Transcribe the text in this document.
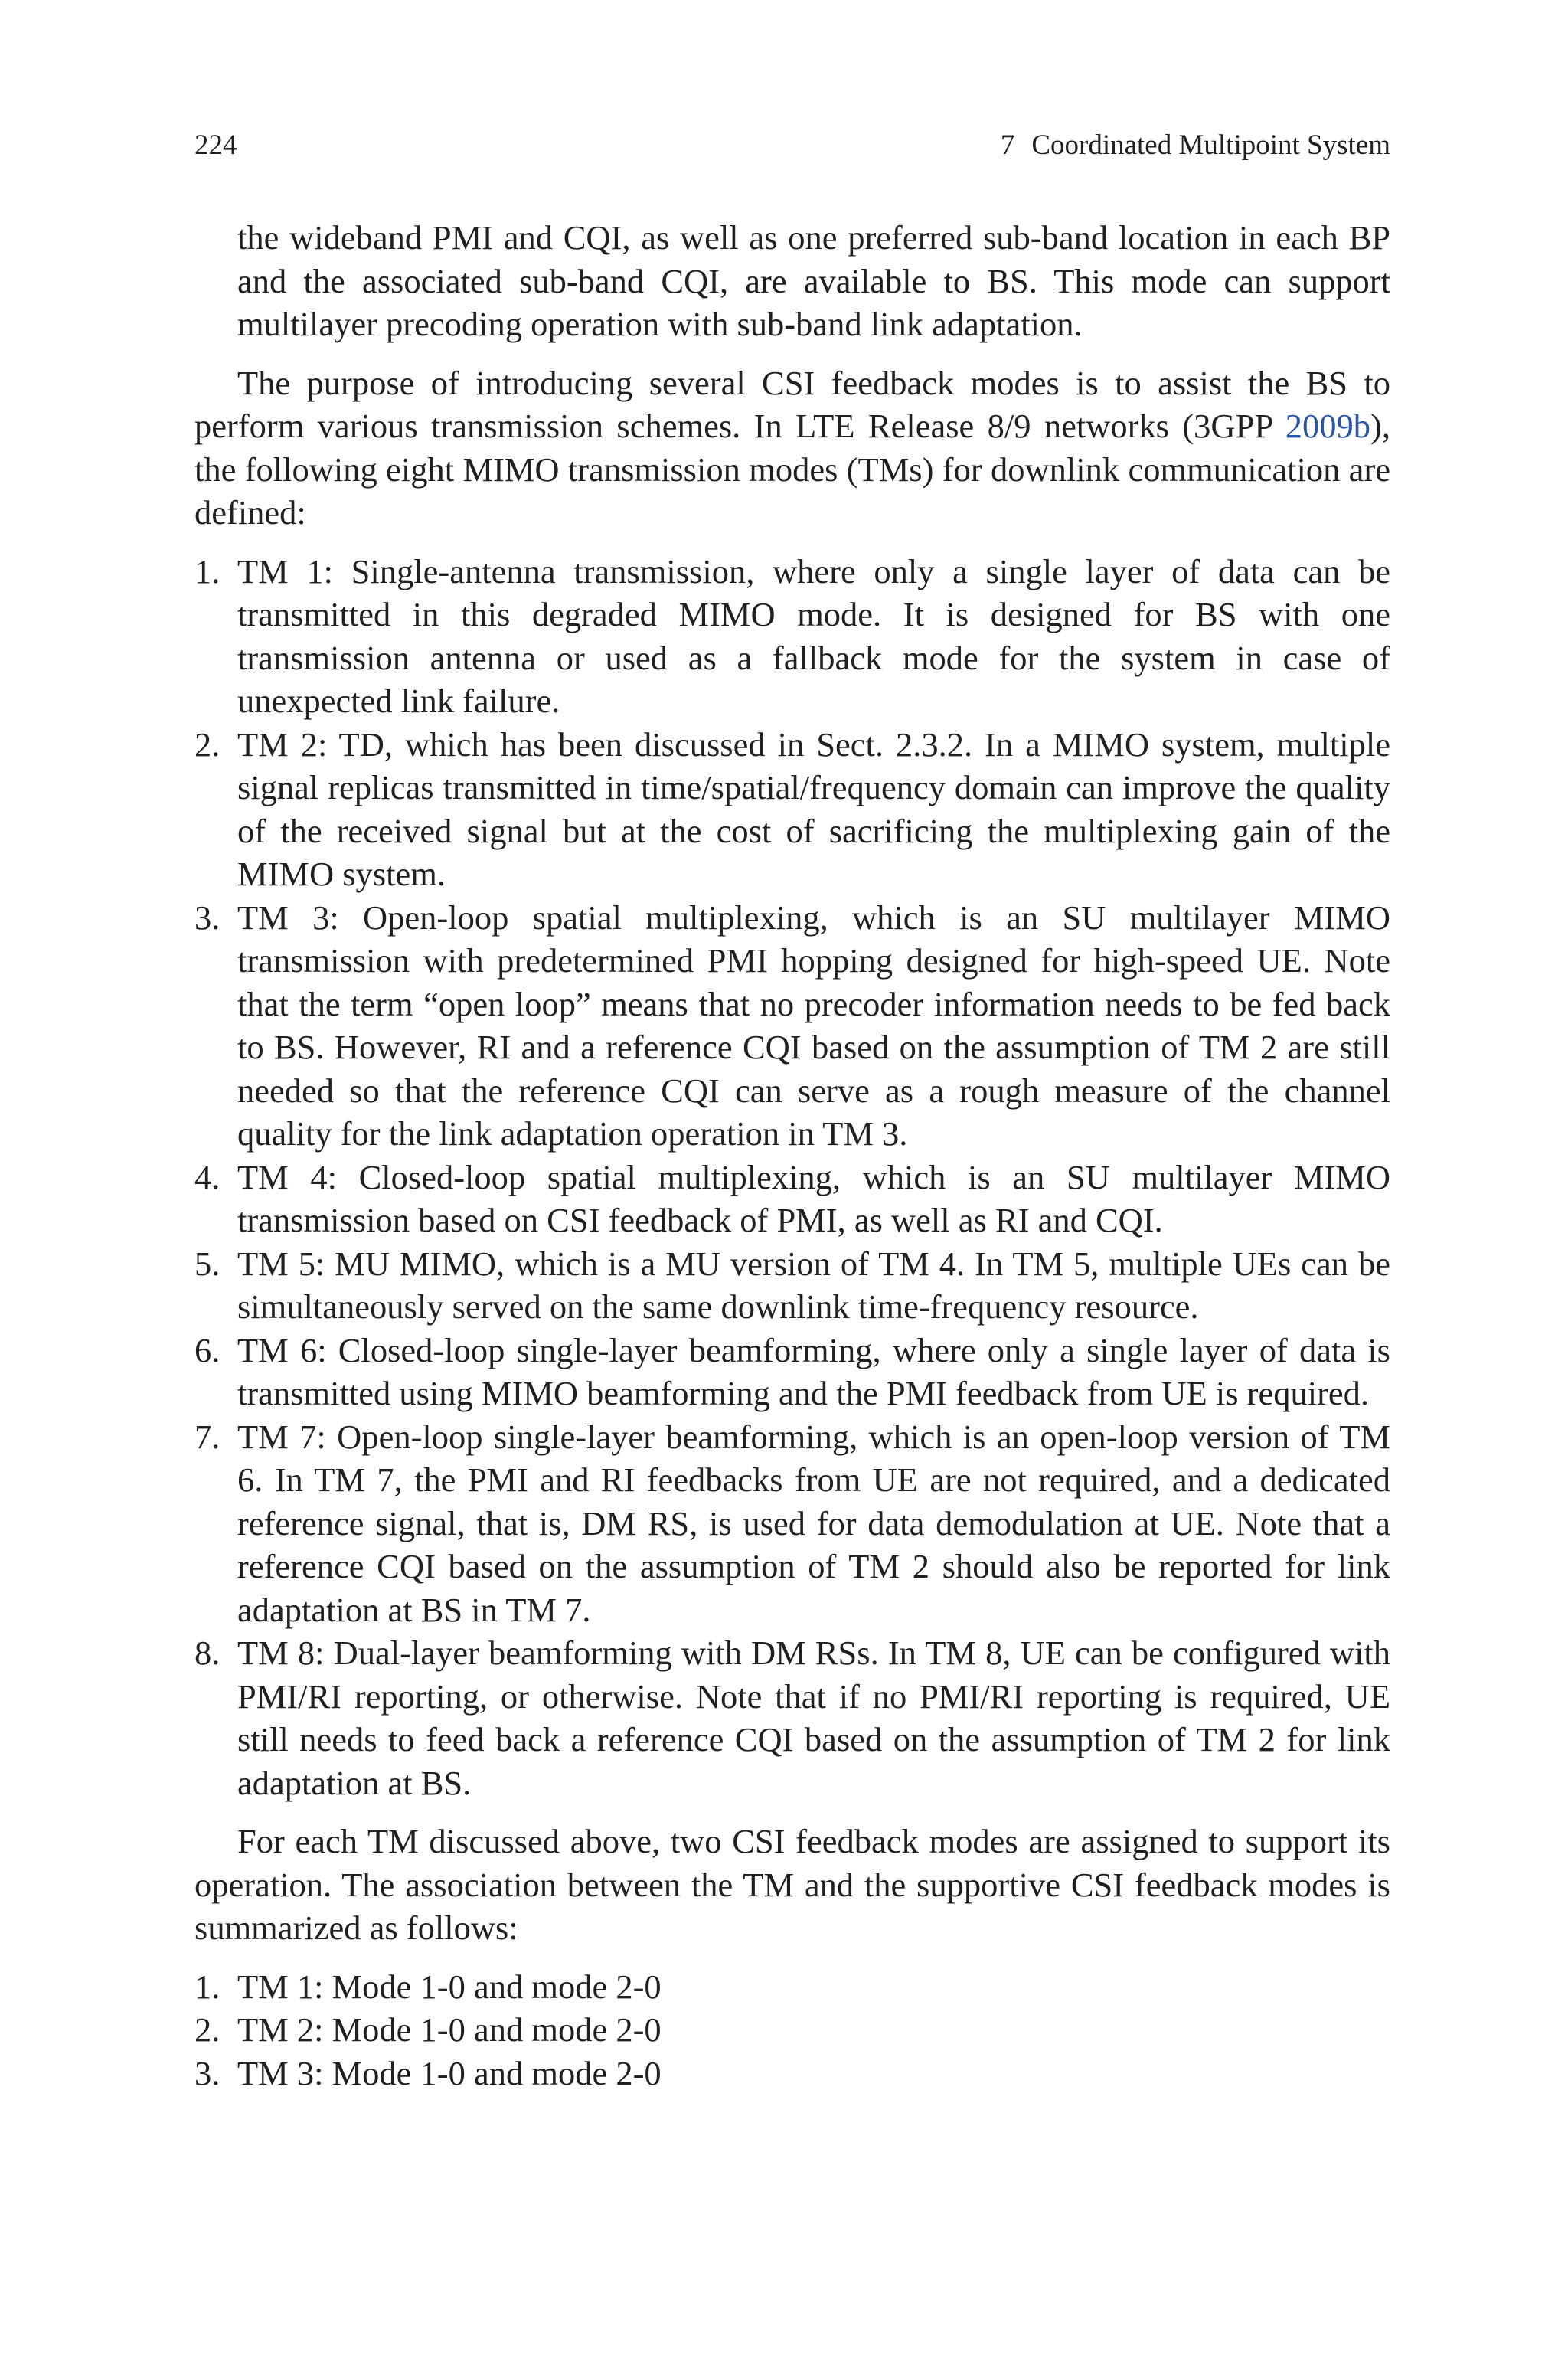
224	7 Coordinated Multipoint System

the wideband PMI and CQI, as well as one preferred sub-band location in each BP and the associated sub-band CQI, are available to BS. This mode can support multilayer precoding operation with sub-band link adaptation.

The purpose of introducing several CSI feedback modes is to assist the BS to perform various transmission schemes. In LTE Release 8/9 networks (3GPP 2009b), the following eight MIMO transmission modes (TMs) for downlink communication are defined:

1. TM 1: Single-antenna transmission, where only a single layer of data can be transmitted in this degraded MIMO mode. It is designed for BS with one transmission antenna or used as a fallback mode for the system in case of unexpected link failure.
2. TM 2: TD, which has been discussed in Sect. 2.3.2. In a MIMO system, multiple signal replicas transmitted in time/spatial/frequency domain can improve the quality of the received signal but at the cost of sacrificing the multiplexing gain of the MIMO system.
3. TM 3: Open-loop spatial multiplexing, which is an SU multilayer MIMO transmission with predetermined PMI hopping designed for high-speed UE. Note that the term “open loop” means that no precoder information needs to be fed back to BS. However, RI and a reference CQI based on the assumption of TM 2 are still needed so that the reference CQI can serve as a rough measure of the channel quality for the link adaptation operation in TM 3.
4. TM 4: Closed-loop spatial multiplexing, which is an SU multilayer MIMO transmission based on CSI feedback of PMI, as well as RI and CQI.
5. TM 5: MU MIMO, which is a MU version of TM 4. In TM 5, multiple UEs can be simultaneously served on the same downlink time-frequency resource.
6. TM 6: Closed-loop single-layer beamforming, where only a single layer of data is transmitted using MIMO beamforming and the PMI feedback from UE is required.
7. TM 7: Open-loop single-layer beamforming, which is an open-loop version of TM 6. In TM 7, the PMI and RI feedbacks from UE are not required, and a dedicated reference signal, that is, DM RS, is used for data demodulation at UE. Note that a reference CQI based on the assumption of TM 2 should also be reported for link adaptation at BS in TM 7.
8. TM 8: Dual-layer beamforming with DM RSs. In TM 8, UE can be configured with PMI/RI reporting, or otherwise. Note that if no PMI/RI reporting is required, UE still needs to feed back a reference CQI based on the assumption of TM 2 for link adaptation at BS.

For each TM discussed above, two CSI feedback modes are assigned to support its operation. The association between the TM and the supportive CSI feedback modes is summarized as follows:

1. TM 1: Mode 1-0 and mode 2-0
2. TM 2: Mode 1-0 and mode 2-0
3. TM 3: Mode 1-0 and mode 2-0
